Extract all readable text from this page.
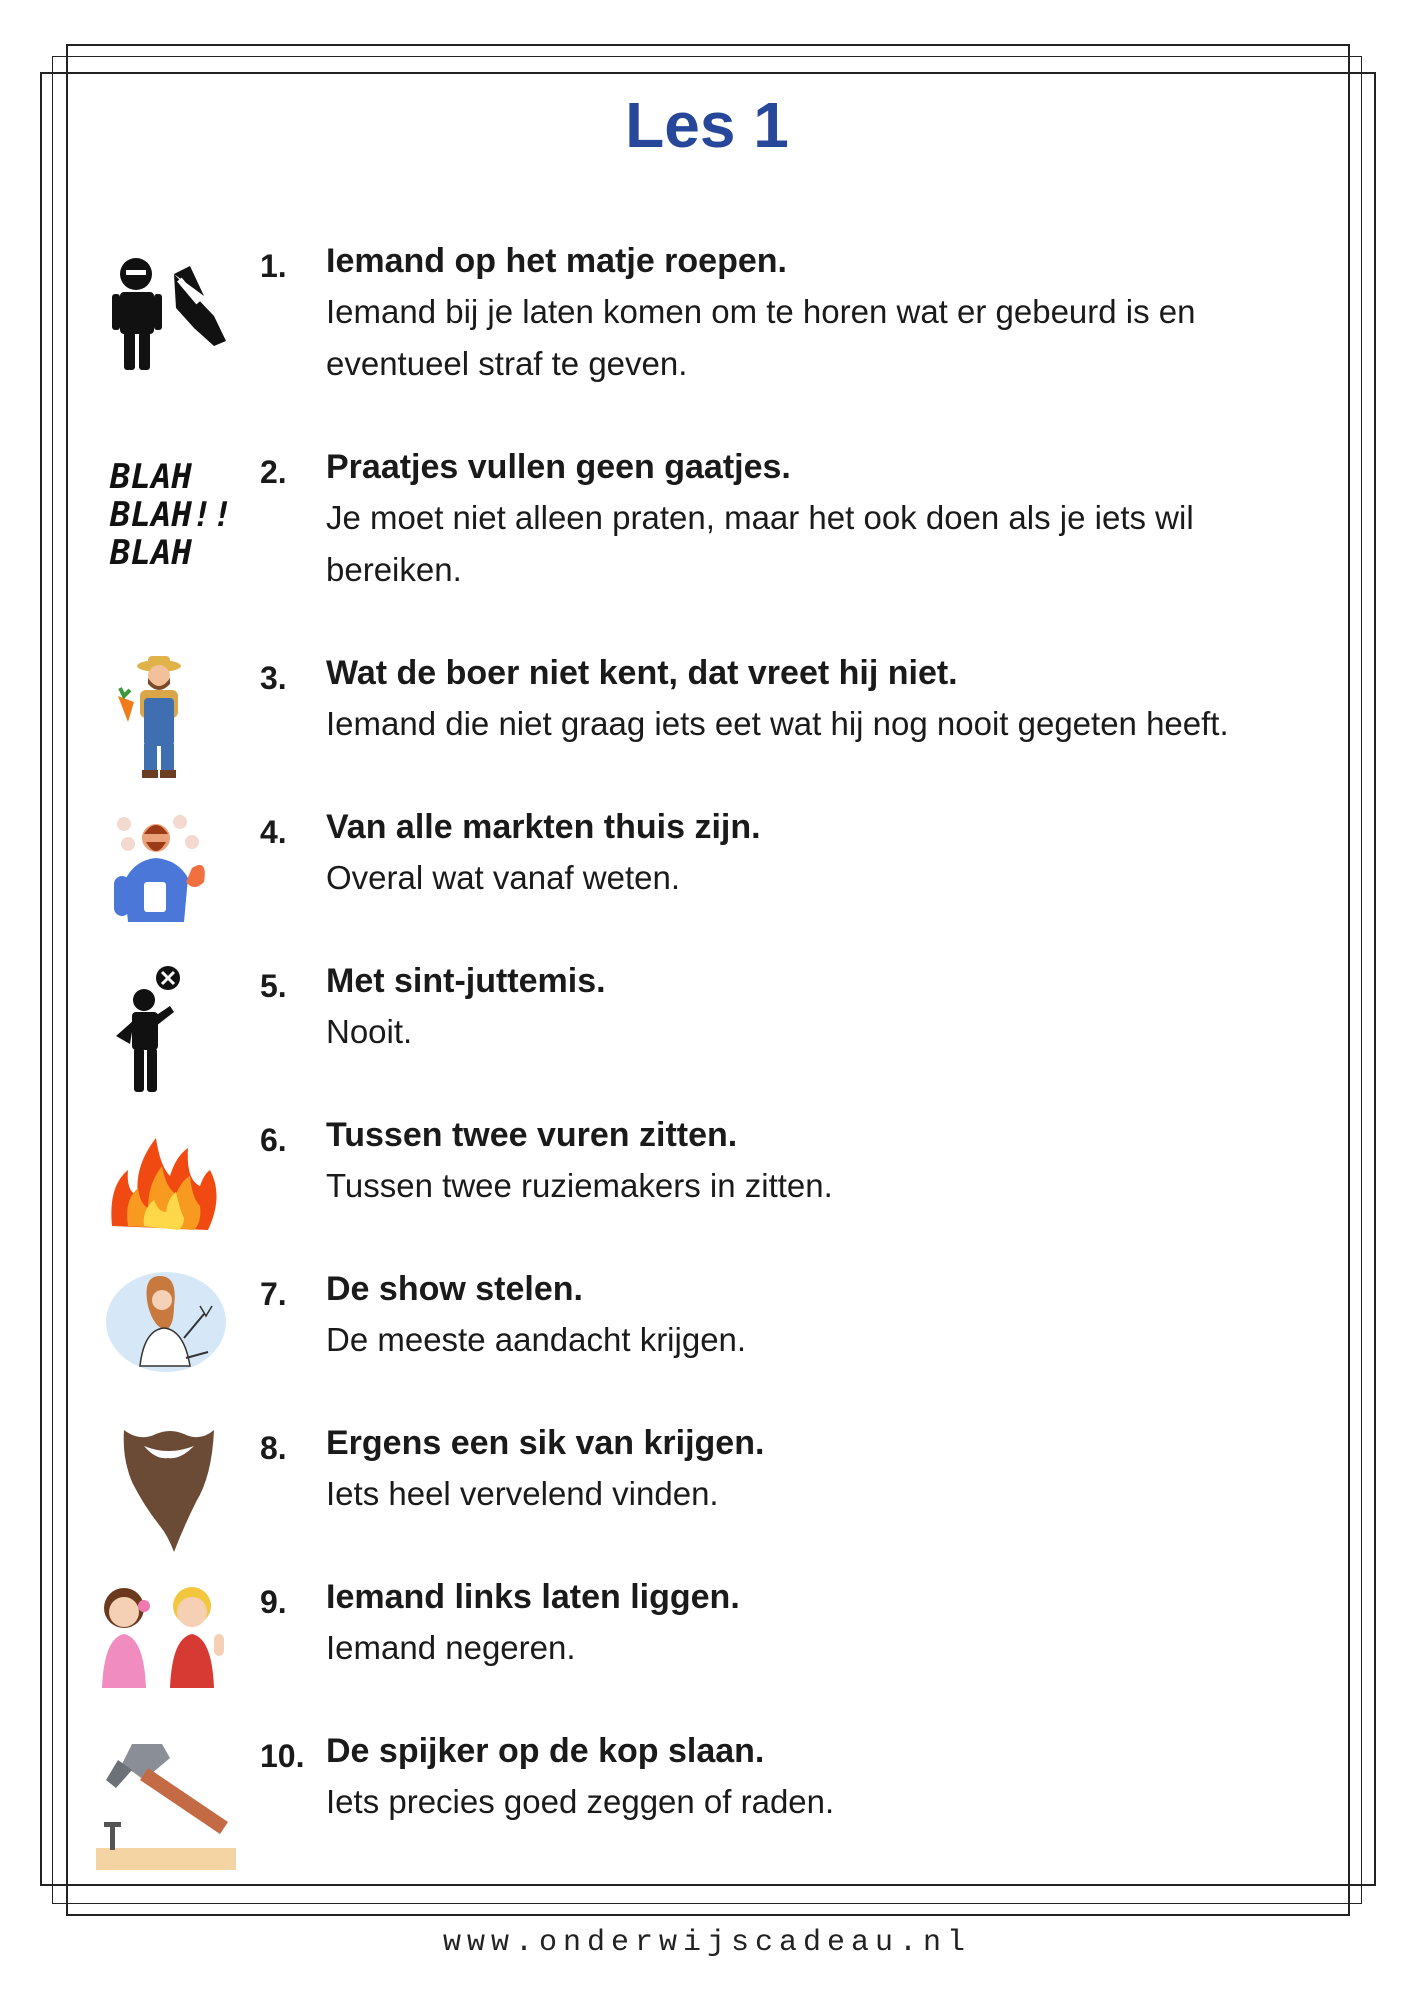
Les 1
1. Iemand op het matje roepen.
Iemand bij je laten komen om te horen wat er gebeurd is en eventueel straf te geven.
BLAH BLAH!! BLAH
2. Praatjes vullen geen gaatjes.
Je moet niet alleen praten, maar het ook doen als je iets wil bereiken.
3. Wat de boer niet kent, dat vreet hij niet.
Iemand die niet graag iets eet wat hij nog nooit gegeten heeft.
4. Van alle markten thuis zijn.
Overal wat vanaf weten.
5. Met sint-juttemis.
Nooit.
6. Tussen twee vuren zitten.
Tussen twee ruziemakers in zitten.
7. De show stelen.
De meeste aandacht krijgen.
8. Ergens een sik van krijgen.
Iets heel vervelend vinden.
9. Iemand links laten liggen.
Iemand negeren.
10. De spijker op de kop slaan.
Iets precies goed zeggen of raden.
www.onderwijscadeau.nl
